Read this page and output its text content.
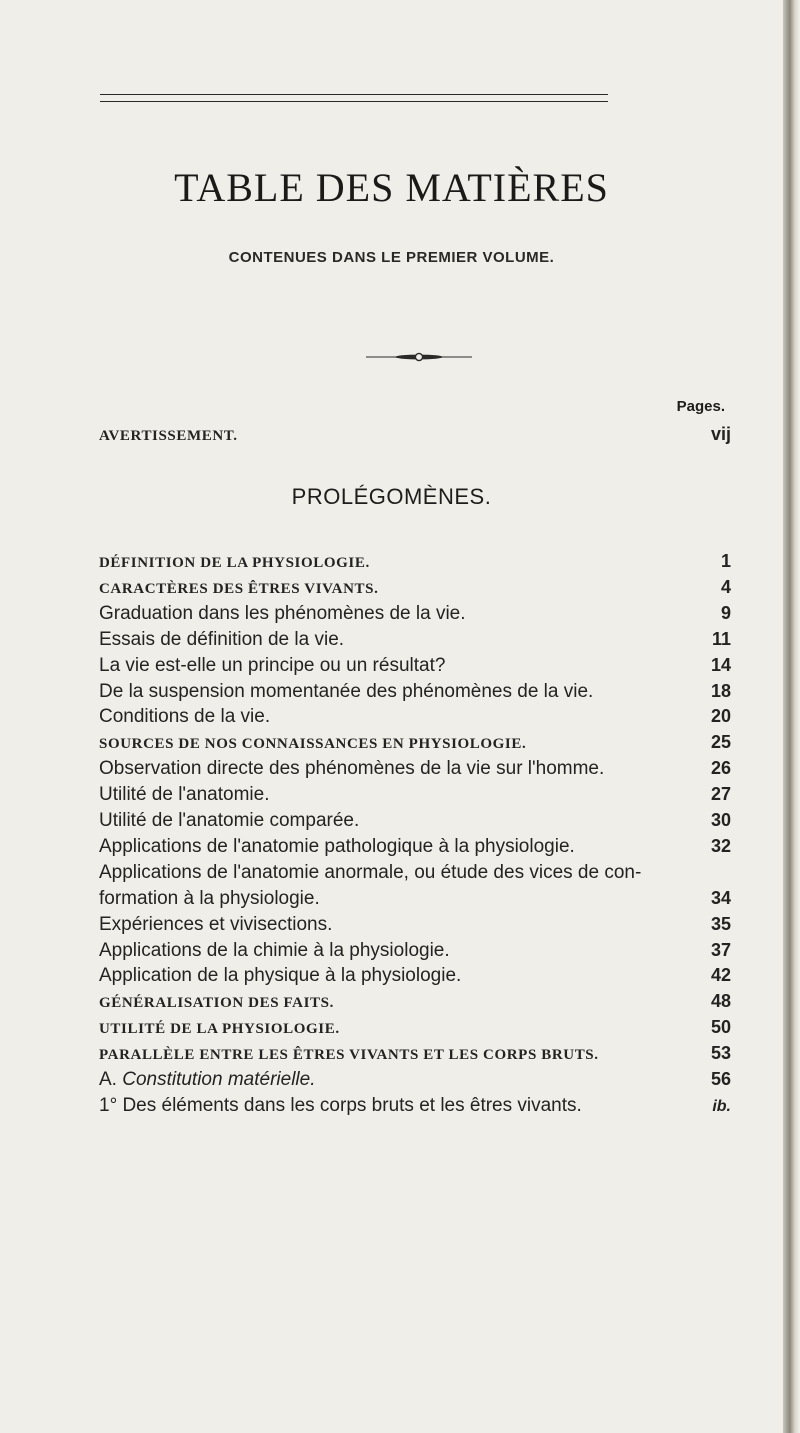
TABLE DES MATIÈRES
CONTENUES DANS LE PREMIER VOLUME.
Pages.
AVERTISSEMENT.	vij
PROLÉGOMÈNES.
DÉFINITION DE LA PHYSIOLOGIE.	1
CARACTÈRES DES ÊTRES VIVANTS.	4
Graduation dans les phénomènes de la vie.	9
Essais de définition de la vie.	11
La vie est-elle un principe ou un résultat?	14
De la suspension momentanée des phénomènes de la vie.	18
Conditions de la vie.	20
SOURCES DE NOS CONNAISSANCES EN PHYSIOLOGIE.	25
Observation directe des phénomènes de la vie sur l'homme.	26
Utilité de l'anatomie.	27
Utilité de l'anatomie comparée.	30
Applications de l'anatomie pathologique à la physiologie.	32
Applications de l'anatomie anormale, ou étude des vices de con-
formation à la physiologie.	34
Expériences et vivisections.	35
Applications de la chimie à la physiologie.	37
Application de la physique à la physiologie.	42
GÉNÉRALISATION DES FAITS.	48
UTILITÉ DE LA PHYSIOLOGIE.	50
PARALLÈLE ENTRE LES ÊTRES VIVANTS ET LES CORPS BRUTS.	53
A. Constitution matérielle.	56
1° Des éléments dans les corps bruts et les êtres vivants.	ib.
